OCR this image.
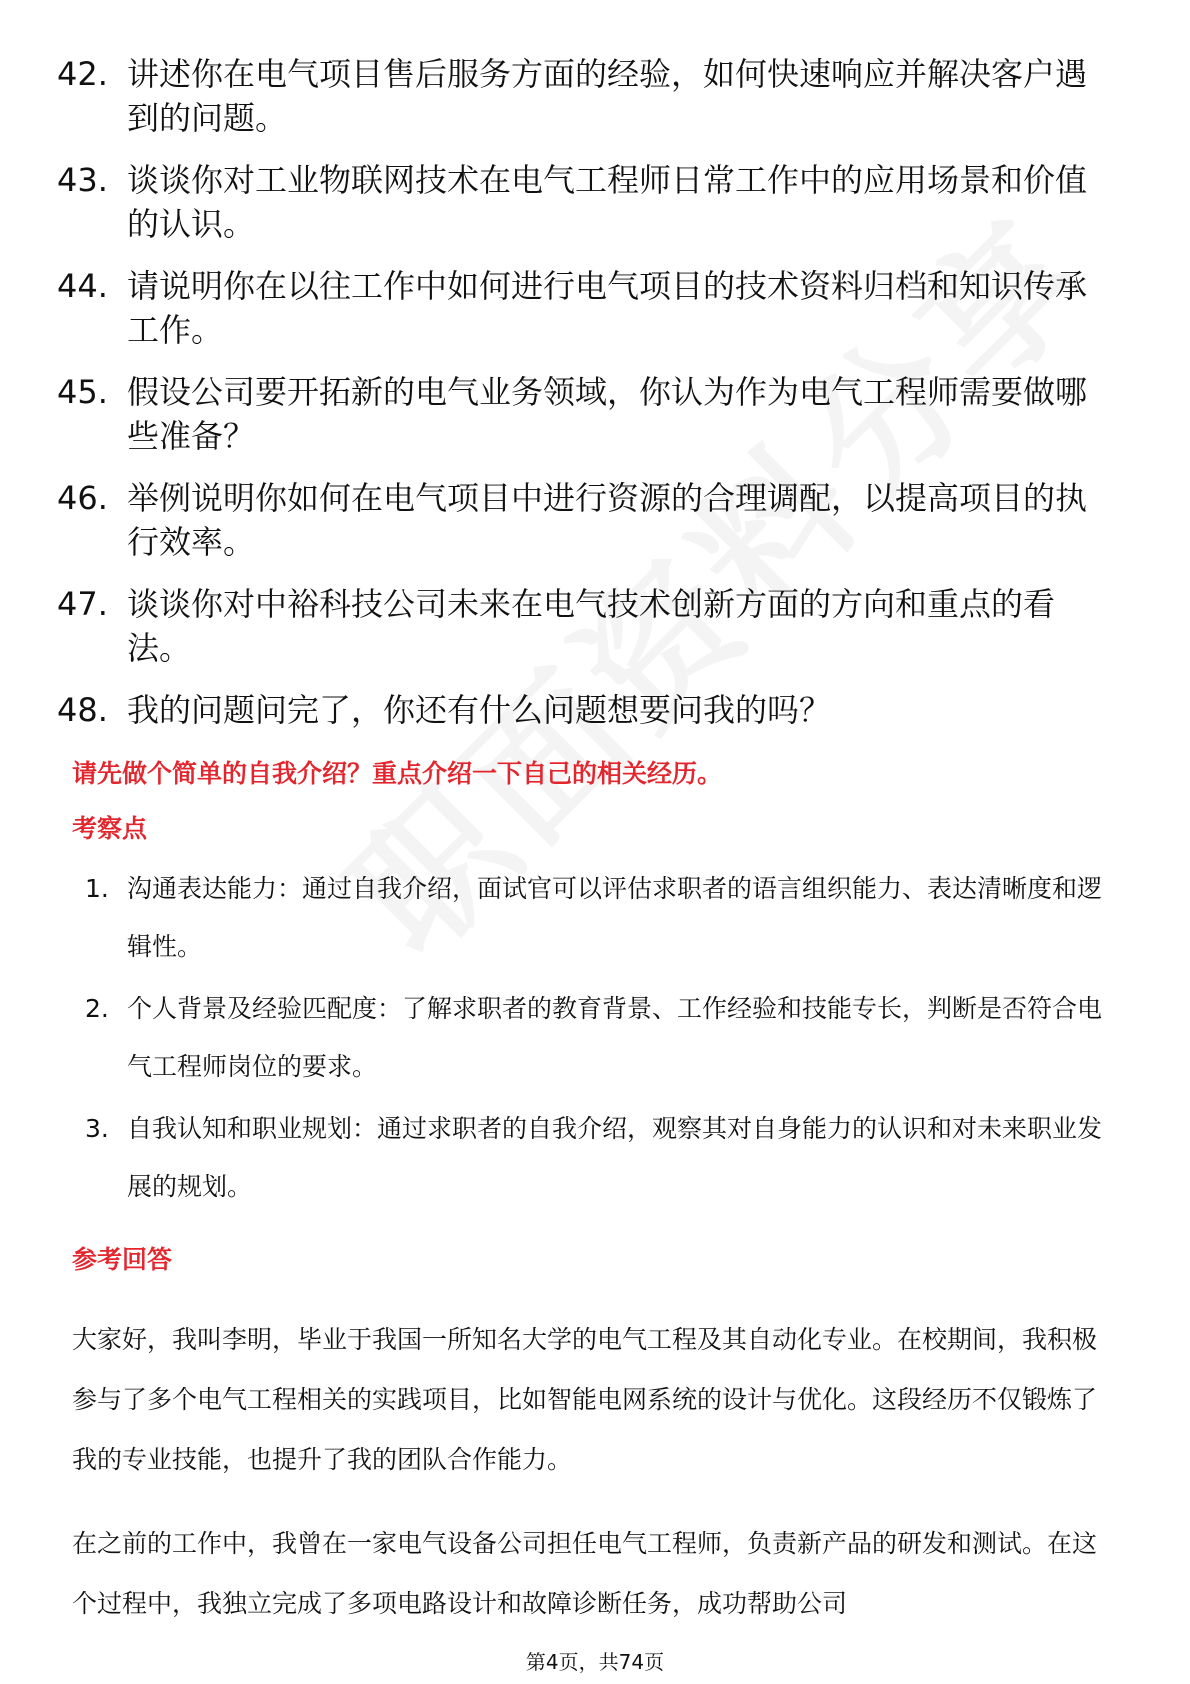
42. 讲述你在电气项目售后服务方面的经验，如何快速响应并解决客户遇到的问题。
43. 谈谈你对工业物联网技术在电气工程师日常工作中的应用场景和价值的认识。
44. 请说明你在以往工作中如何进行电气项目的技术资料归档和知识传承工作。
45. 假设公司要开拓新的电气业务领域，你认为作为电气工程师需要做哪些准备？
46. 举例说明你如何在电气项目中进行资源的合理调配，以提高项目的执行效率。
47. 谈谈你对中裕科技公司未来在电气技术创新方面的方向和重点的看法。
48. 我的问题问完了，你还有什么问题想要问我的吗？
请先做个简单的自我介绍？重点介绍一下自己的相关经历。
考察点
1. 沟通表达能力：通过自我介绍，面试官可以评估求职者的语言组织能力、表达清晰度和逻辑性。
2. 个人背景及经验匹配度：了解求职者的教育背景、工作经验和技能专长，判断是否符合电气工程师岗位的要求。
3. 自我认知和职业规划：通过求职者的自我介绍，观察其对自身能力的认识和对未来职业发展的规划。
参考回答

大家好，我叫李明，毕业于我国一所知名大学的电气工程及其自动化专业。在校期间，我积极参与了多个电气工程相关的实践项目，比如智能电网系统的设计与优化。这段经历不仅锻炼了我的专业技能，也提升了我的团队合作能力。

在之前的工作中，我曾在一家电气设备公司担任电气工程师，负责新产品的研发和测试。在这个过程中，我独立完成了多项电路设计和故障诊断任务，成功帮助公司

第4页，共74页
